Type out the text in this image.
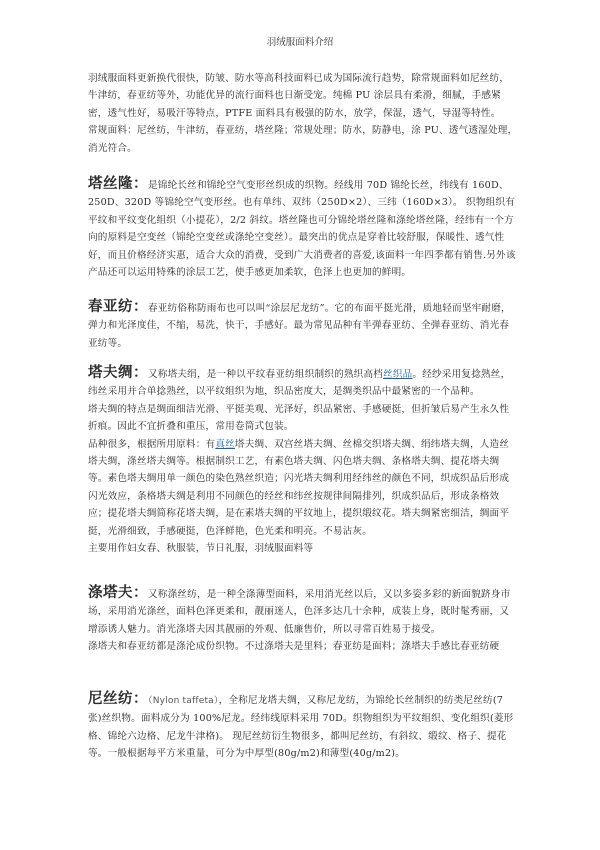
羽绒服面料介绍

羽绒服面料更新换代很快，防皱、防水等高科技面料已成为国际流行趋势，除常规面料如尼丝纺，牛津纺，春亚纺等外，功能优异的流行面料也日渐受宠。纯棉 PU 涂层具有柔滑，细腻，手感紧密，透气性好，易吸汗等特点，PTFE 面料具有极强的防水，放学，保湿，透气，导湿等特性。

常规面料：尼丝纺，牛津纺，春亚纺，塔丝隆；常规处理；防水，防静电，涂 PU、透气透湿处理，消光符合。

塔丝隆：是锦纶长丝和锦纶空气变形丝织成的织物。经线用 70D 锦纶长丝，纬线有 160D、250D、320D 等锦纶空气变形丝。也有单纬、双纬（250D×2）、三纬（160D×3）。 织物组织有平纹和平纹变化组织（小提花），2/2 斜纹。塔丝隆也可分锦纶塔丝隆和涤纶塔丝隆，经纬有一个方向的原料是空变丝（锦纶空变丝或涤纶空变丝）。最突出的优点是穿着比较舒服，保暖性、透气性好，而且价格经济实惠，适合大众的消费，受到广大消费者的喜爱,该面料一年四季都有销售.另外该产品还可以运用特殊的涂层工艺，使手感更加柔软，色泽上也更加的鲜明。

春亚纺：春亚纺俗称防雨布也可以叫“涂层尼龙纺”。它的布面平挺光滑，质地轻而坚牢耐磨，弹力和光泽度佳，不缩，易洗，快干，手感好。最为常见品种有半弹春亚纺、全弹春亚纺、消光春亚纺等。

塔夫绸：又称塔夫绢，是一种以平纹春亚纺组织制织的熟织高档丝织品。经纱采用复捻熟丝，纬丝采用并合单捻熟丝，以平纹组织为地，织品密度大，是绸类织品中最紧密的一个品种。

塔夫绸的特点是绸面细洁光滑、平挺美观、光泽好，织品紧密、手感硬挺，但折皱后易产生永久性折痕。因此不宜折叠和重压，常用卷筒式包装。

品种很多，根据所用原料：有真丝塔夫绸、双宫丝塔夫绸、丝棉交织塔夫绸、绢纬塔夫绸，人造丝塔夫绸，涤丝塔夫绸等。根据制织工艺，有素色塔夫绸、闪色塔夫绸、条格塔夫绸、提花塔夫绸等。素色塔夫绸用单一颜色的染色熟丝织造；闪光塔夫绸利用经纬丝的颜色不同，织成织品后形成闪光效应，条格塔夫绸是利用不同颜色的经丝和纬丝按规律间隔排列，织成织品后，形成条格效应；提花塔夫绸简称花塔夫绸，是在素塔夫绸的平纹地上，提织缎纹花。塔夫绸紧密细洁，绸面平挺，光滑细致，手感硬挺，色泽鲜艳，色光柔和明亮。不易沾灰。

主要用作妇女春、秋服装，节日礼服，羽绒服面料等

涤塔夫：又称涤丝纺，是一种全涤薄型面料，采用消光丝以后，又以多姿多彩的新面貌跻身市场，采用消光涤丝，面料色泽更柔和，靓丽迷人，色泽多达几十余种，成装上身，既时髦秀丽，又增添诱人魅力。消光涤塔夫因其靓丽的外观、低廉售价，所以寻常百姓易于接受。

涤塔夫和春亚纺都是涤沦成份织物。不过涤塔夫是里料；春亚纺是面料；涤塔夫手感比春亚纺硬

尼丝纺：（Nylon taffeta），全称尼龙塔夫绸，又称尼龙纺，为锦纶长丝制织的纺类尼丝纺(7 张)丝织物。面料成分为 100%尼龙。经纬线原料采用 70D。织物组织为平纹组织、变化组织(菱形格、锦纶六边格、尼龙牛津格)。 现尼丝纺衍生物很多，都叫尼丝纺，有斜纹、缎纹、格子、提花等。一般根据每平方米重量，可分为中厚型(80g/m2)和薄型(40g/m2)。
